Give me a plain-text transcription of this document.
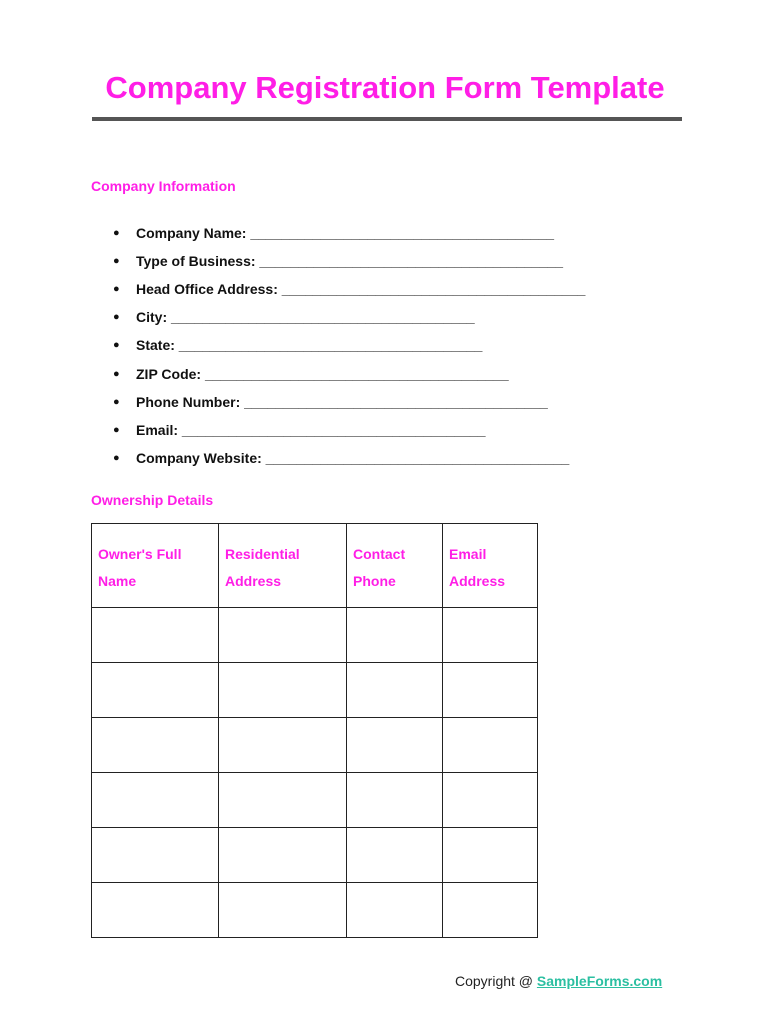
Company Registration Form Template
Company Information
●	Company Name: _______________________________________
●	Type of Business: _______________________________________
●	Head Office Address: _______________________________________
●	City: _______________________________________
●	State: _______________________________________
●	ZIP Code: _______________________________________
●	Phone Number: _______________________________________
●	Email: _______________________________________
●	Company Website: _______________________________________
Ownership Details
Owner's Full Name	Residential Address	Contact Phone	Email Address

Copyright @ SampleForms.com
